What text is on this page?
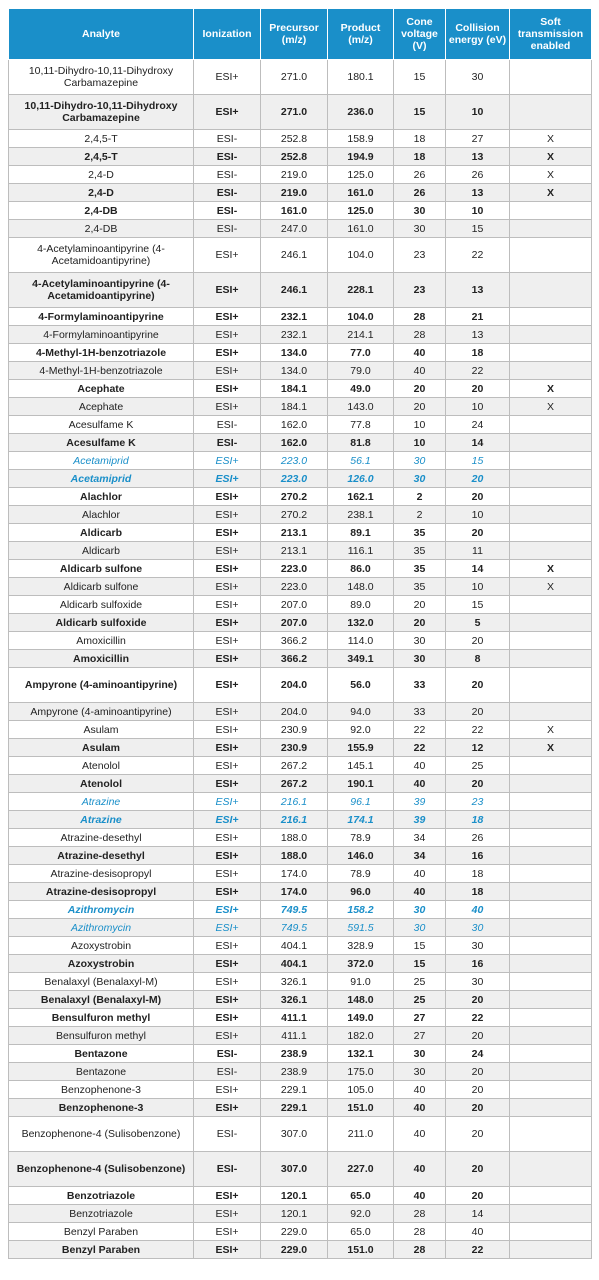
Analyte	Ionization	Precursor (m/z)	Product (m/z)	Cone voltage (V)	Collision energy (eV)	Soft transmission enabled
10,11-Dihydro-10,11-Dihydroxy Carbamazepine	ESI+	271.0	180.1	15	30	
10,11-Dihydro-10,11-Dihydroxy Carbamazepine	ESI+	271.0	236.0	15	10	
2,4,5-T	ESI-	252.8	158.9	18	27	X
2,4,5-T	ESI-	252.8	194.9	18	13	X
2,4-D	ESI-	219.0	125.0	26	26	X
2,4-D	ESI-	219.0	161.0	26	13	X
2,4-DB	ESI-	161.0	125.0	30	10	
2,4-DB	ESI-	247.0	161.0	30	15	
4-Acetylaminoantipyrine (4-Acetamidoantipyrine)	ESI+	246.1	104.0	23	22	
4-Acetylaminoantipyrine (4-Acetamidoantipyrine)	ESI+	246.1	228.1	23	13	
4-Formylaminoantipyrine	ESI+	232.1	104.0	28	21	
4-Formylaminoantipyrine	ESI+	232.1	214.1	28	13	
4-Methyl-1H-benzotriazole	ESI+	134.0	77.0	40	18	
4-Methyl-1H-benzotriazole	ESI+	134.0	79.0	40	22	
Acephate	ESI+	184.1	49.0	20	20	X
Acephate	ESI+	184.1	143.0	20	10	X
Acesulfame K	ESI-	162.0	77.8	10	24	
Acesulfame K	ESI-	162.0	81.8	10	14	
Acetamiprid	ESI+	223.0	56.1	30	15	
Acetamiprid	ESI+	223.0	126.0	30	20	
Alachlor	ESI+	270.2	162.1	2	20	
Alachlor	ESI+	270.2	238.1	2	10	
Aldicarb	ESI+	213.1	89.1	35	20	
Aldicarb	ESI+	213.1	116.1	35	11	
Aldicarb sulfone	ESI+	223.0	86.0	35	14	X
Aldicarb sulfone	ESI+	223.0	148.0	35	10	X
Aldicarb sulfoxide	ESI+	207.0	89.0	20	15	
Aldicarb sulfoxide	ESI+	207.0	132.0	20	5	
Amoxicillin	ESI+	366.2	114.0	30	20	
Amoxicillin	ESI+	366.2	349.1	30	8	
Ampyrone (4-aminoantipyrine)	ESI+	204.0	56.0	33	20	
Ampyrone (4-aminoantipyrine)	ESI+	204.0	94.0	33	20	
Asulam	ESI+	230.9	92.0	22	22	X
Asulam	ESI+	230.9	155.9	22	12	X
Atenolol	ESI+	267.2	145.1	40	25	
Atenolol	ESI+	267.2	190.1	40	20	
Atrazine	ESI+	216.1	96.1	39	23	
Atrazine	ESI+	216.1	174.1	39	18	
Atrazine-desethyl	ESI+	188.0	78.9	34	26	
Atrazine-desethyl	ESI+	188.0	146.0	34	16	
Atrazine-desisopropyl	ESI+	174.0	78.9	40	18	
Atrazine-desisopropyl	ESI+	174.0	96.0	40	18	
Azithromycin	ESI+	749.5	158.2	30	40	
Azithromycin	ESI+	749.5	591.5	30	30	
Azoxystrobin	ESI+	404.1	328.9	15	30	
Azoxystrobin	ESI+	404.1	372.0	15	16	
Benalaxyl (Benalaxyl-M)	ESI+	326.1	91.0	25	30	
Benalaxyl (Benalaxyl-M)	ESI+	326.1	148.0	25	20	
Bensulfuron methyl	ESI+	411.1	149.0	27	22	
Bensulfuron methyl	ESI+	411.1	182.0	27	20	
Bentazone	ESI-	238.9	132.1	30	24	
Bentazone	ESI-	238.9	175.0	30	20	
Benzophenone-3	ESI+	229.1	105.0	40	20	
Benzophenone-3	ESI+	229.1	151.0	40	20	
Benzophenone-4 (Sulisobenzone)	ESI-	307.0	211.0	40	20	
Benzophenone-4 (Sulisobenzone)	ESI-	307.0	227.0	40	20	
Benzotriazole	ESI+	120.1	65.0	40	20	
Benzotriazole	ESI+	120.1	92.0	28	14	
Benzyl Paraben	ESI+	229.0	65.0	28	40	
Benzyl Paraben	ESI+	229.0	151.0	28	22	
